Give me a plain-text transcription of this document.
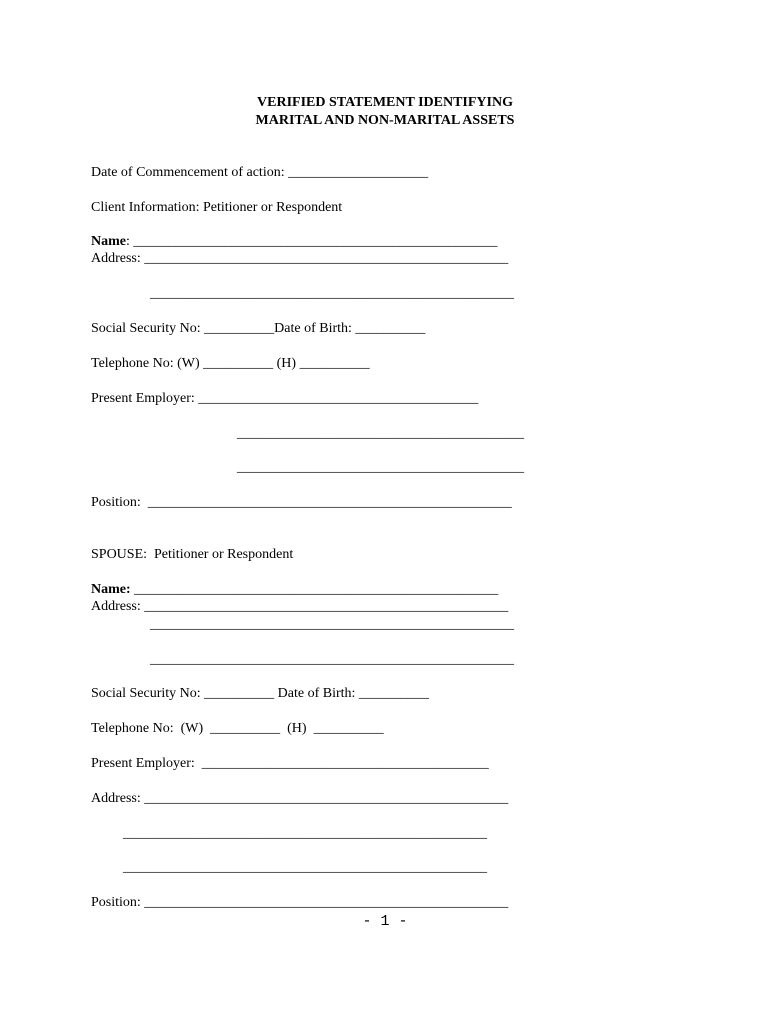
VERIFIED STATEMENT IDENTIFYING
MARITAL AND NON-MARITAL ASSETS
Date of Commencement of action: ____________________
Client Information: Petitioner or Respondent
Name: ____________________________________________________
Address: ____________________________________________________
____________________________________________________
Social Security No: __________Date of Birth: __________
Telephone No: (W) __________ (H) __________
Present Employer: ________________________________________
_________________________________________
_________________________________________
Position:  ____________________________________________________
SPOUSE:  Petitioner or Respondent
Name: ____________________________________________________
Address: ____________________________________________________
____________________________________________________
____________________________________________________
Social Security No: __________ Date of Birth: __________
Telephone No:  (W)  __________  (H)  __________
Present Employer:  _________________________________________
Address: ____________________________________________________
____________________________________________________
____________________________________________________
Position: ____________________________________________________
- 1 -
